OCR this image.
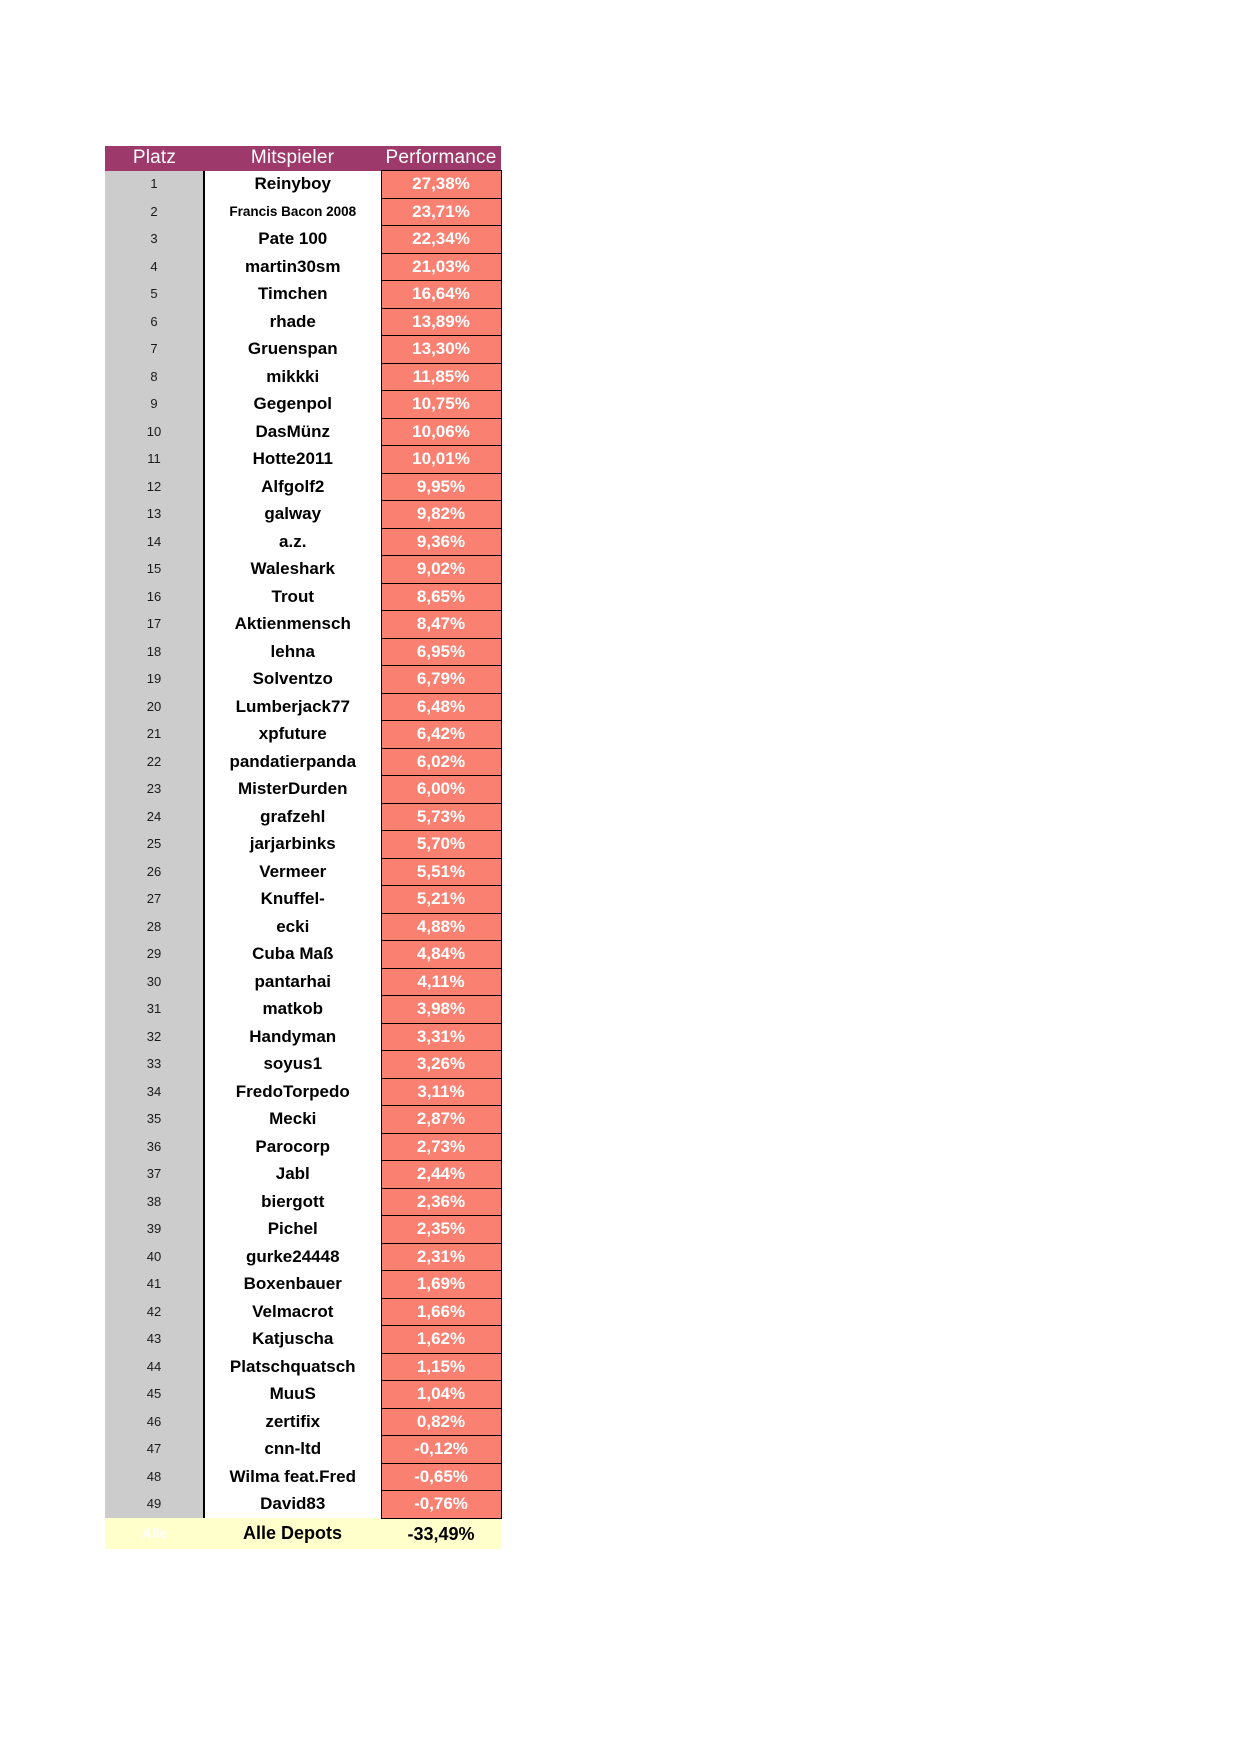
Platz	Mitspieler	Performance
1	Reinyboy	27,38%
2	Francis Bacon 2008	23,71%
3	Pate 100	22,34%
4	martin30sm	21,03%
5	Timchen	16,64%
6	rhade	13,89%
7	Gruenspan	13,30%
8	mikkki	11,85%
9	Gegenpol	10,75%
10	DasMünz	10,06%
11	Hotte2011	10,01%
12	Alfgolf2	9,95%
13	galway	9,82%
14	a.z.	9,36%
15	Waleshark	9,02%
16	Trout	8,65%
17	Aktienmensch	8,47%
18	lehna	6,95%
19	Solventzo	6,79%
20	Lumberjack77	6,48%
21	xpfuture	6,42%
22	pandatierpanda	6,02%
23	MisterDurden	6,00%
24	grafzehl	5,73%
25	jarjarbinks	5,70%
26	Vermeer	5,51%
27	Knuffel-	5,21%
28	ecki	4,88%
29	Cuba Maß	4,84%
30	pantarhai	4,11%
31	matkob	3,98%
32	Handyman	3,31%
33	soyus1	3,26%
34	FredoTorpedo	3,11%
35	Mecki	2,87%
36	Parocorp	2,73%
37	Jabl	2,44%
38	biergott	2,36%
39	Pichel	2,35%
40	gurke24448	2,31%
41	Boxenbauer	1,69%
42	Velmacrot	1,66%
43	Katjuscha	1,62%
44	Platschquatsch	1,15%
45	MuuS	1,04%
46	zertifix	0,82%
47	cnn-ltd	-0,12%
48	Wilma feat.Fred	-0,65%
49	David83	-0,76%
Alle	Alle Depots	-33,49%
